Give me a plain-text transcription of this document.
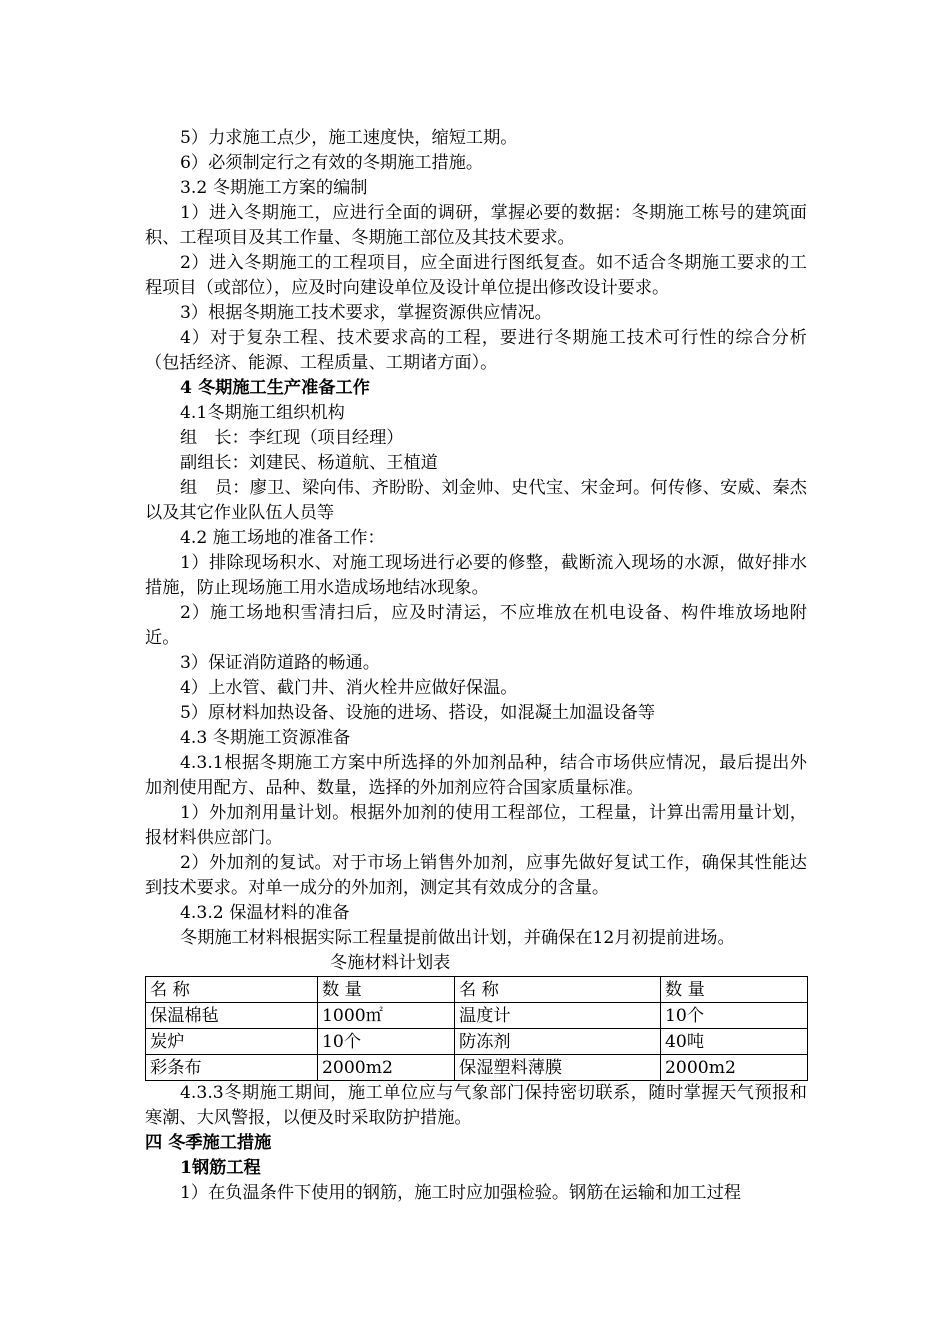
5）力求施工点少，施工速度快，缩短工期。

6）必须制定行之有效的冬期施工措施。

3.2 冬期施工方案的编制

1）进入冬期施工，应进行全面的调研，掌握必要的数据：冬期施工栋号的建筑面积、工程项目及其工作量、冬期施工部位及其技术要求。

2）进入冬期施工的工程项目，应全面进行图纸复查。如不适合冬期施工要求的工程项目（或部位），应及时向建设单位及设计单位提出修改设计要求。

3）根据冬期施工技术要求，掌握资源供应情况。

4）对于复杂工程、技术要求高的工程，要进行冬期施工技术可行性的综合分析（包括经济、能源、工程质量、工期诸方面）。

4 冬期施工生产准备工作

4.1冬期施工组织机构

组　长：李红现（项目经理）

副组长：刘建民、杨道航、王植道

组　员：廖卫、梁向伟、齐盼盼、刘金帅、史代宝、宋金珂。何传修、安威、秦杰以及其它作业队伍人员等

4.2 施工场地的准备工作：

1）排除现场积水、对施工现场进行必要的修整，截断流入现场的水源，做好排水措施，防止现场施工用水造成场地结冰现象。

2）施工场地积雪清扫后，应及时清运，不应堆放在机电设备、构件堆放场地附近。

3）保证消防道路的畅通。

4）上水管、截门井、消火栓井应做好保温。

5）原材料加热设备、设施的进场、搭设，如混凝土加温设备等

4.3 冬期施工资源准备

4.3.1根据冬期施工方案中所选择的外加剂品种，结合市场供应情况，最后提出外加剂使用配方、品种、数量，选择的外加剂应符合国家质量标准。

1）外加剂用量计划。根据外加剂的使用工程部位，工程量，计算出需用量计划，报材料供应部门。

2）外加剂的复试。对于市场上销售外加剂，应事先做好复试工作，确保其性能达到技术要求。对单一成分的外加剂，测定其有效成分的含量。

4.3.2 保温材料的准备

冬期施工材料根据实际工程量提前做出计划，并确保在12月初提前进场。

冬施材料计划表

名 称	数 量	名 称	数 量
保温棉毡	1000㎡	温度计	10个
炭炉	10个	防冻剂	40吨
彩条布	2000m2	保湿塑料薄膜	2000m2

4.3.3冬期施工期间，施工单位应与气象部门保持密切联系，随时掌握天气预报和寒潮、大风警报，以便及时采取防护措施。

四 冬季施工措施

1钢筋工程

1）在负温条件下使用的钢筋，施工时应加强检验。钢筋在运输和加工过程
